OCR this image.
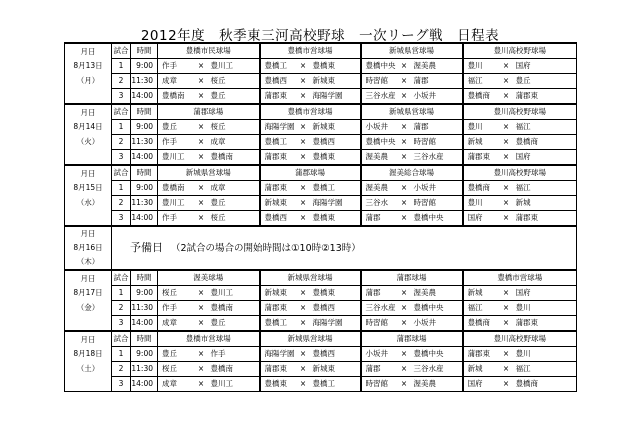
2012年度　秋季東三河高校野球　一次リーグ戦　日程表
月日	試合	時間	豊橋市民球場			豊橋市営球場			新城県営球場			豊川高校野球場		
8月13日	1	9:00	作手	×	豊川工	豊橋工	×	豊橋東	豊橋中央	×	渥美農	豊川	×	国府
（月）	2	11:30	成章	×	桜丘	豊橋西	×	新城東	時習館	×	蒲郡	福江	×	豊丘
	3	14:00	豊橋南	×	豊丘	蒲郡東	×	海陽学園	三谷水産	×	小坂井	豊橋商	×	蒲郡東
月日	試合	時間	蒲郡球場			豊橋市営球場			新城県営球場			豊川高校野球場		
8月14日	1	9:00	豊丘	×	桜丘	海陽学園	×	新城東	小坂井	×	蒲郡	豊川	×	福江
（火）	2	11:30	作手	×	成章	豊橋工	×	豊橋西	豊橋中央	×	時習館	新城	×	豊橋商
	3	14:00	豊川工	×	豊橋南	蒲郡東	×	豊橋東	渥美農	×	三谷水産	蒲郡東	×	国府
月日	試合	時間	新城県営球場			蒲郡球場			渥美総合球場			豊川高校野球場		
8月15日	1	9:00	豊橋南	×	成章	蒲郡東	×	豊橋工	渥美農	×	小坂井	豊橋商	×	福江
（水）	2	11:30	豊川工	×	豊丘	新城東	×	海陽学園	三谷水	×	時習館	豊川	×	新城
	3	14:00	作手	×	桜丘	豊橋西	×	豊橋東	蒲郡	×	豊橋中央	国府	×	蒲郡東
月日	予備日 （2試合の場合の開始時間は①10時②13時）													
8月16日														
（木）														
月日	試合	時間	渥美球場			新城県営球場			蒲郡球場			豊橋市営球場		
8月17日	1	9:00	桜丘	×	豊川工	新城東	×	豊橋東	蒲郡	×	渥美農	新城	×	国府
（金）	2	11:30	作手	×	豊橋南	蒲郡東	×	豊橋西	三谷水産	×	豊橋中央	福江	×	豊川
	3	14:00	成章	×	豊丘	豊橋工	×	海陽学園	時習館	×	小坂井	豊橋商	×	蒲郡東
月日	試合	時間	豊橋市営球場			新城県営球場			蒲郡球場			豊川高校野球場		
8月18日	1	9:00	豊丘	×	作手	海陽学園	×	豊橋西	小坂井	×	豊橋中央	蒲郡東	×	豊川
（土）	2	11:30	桜丘	×	豊橋南	蒲郡東	×	新城東	蒲郡	×	三谷水産	新城	×	福江
	3	14:00	成章	×	豊川工	豊橋東	×	豊橋工	時習館	×	渥美農	国府	×	豊橋商
